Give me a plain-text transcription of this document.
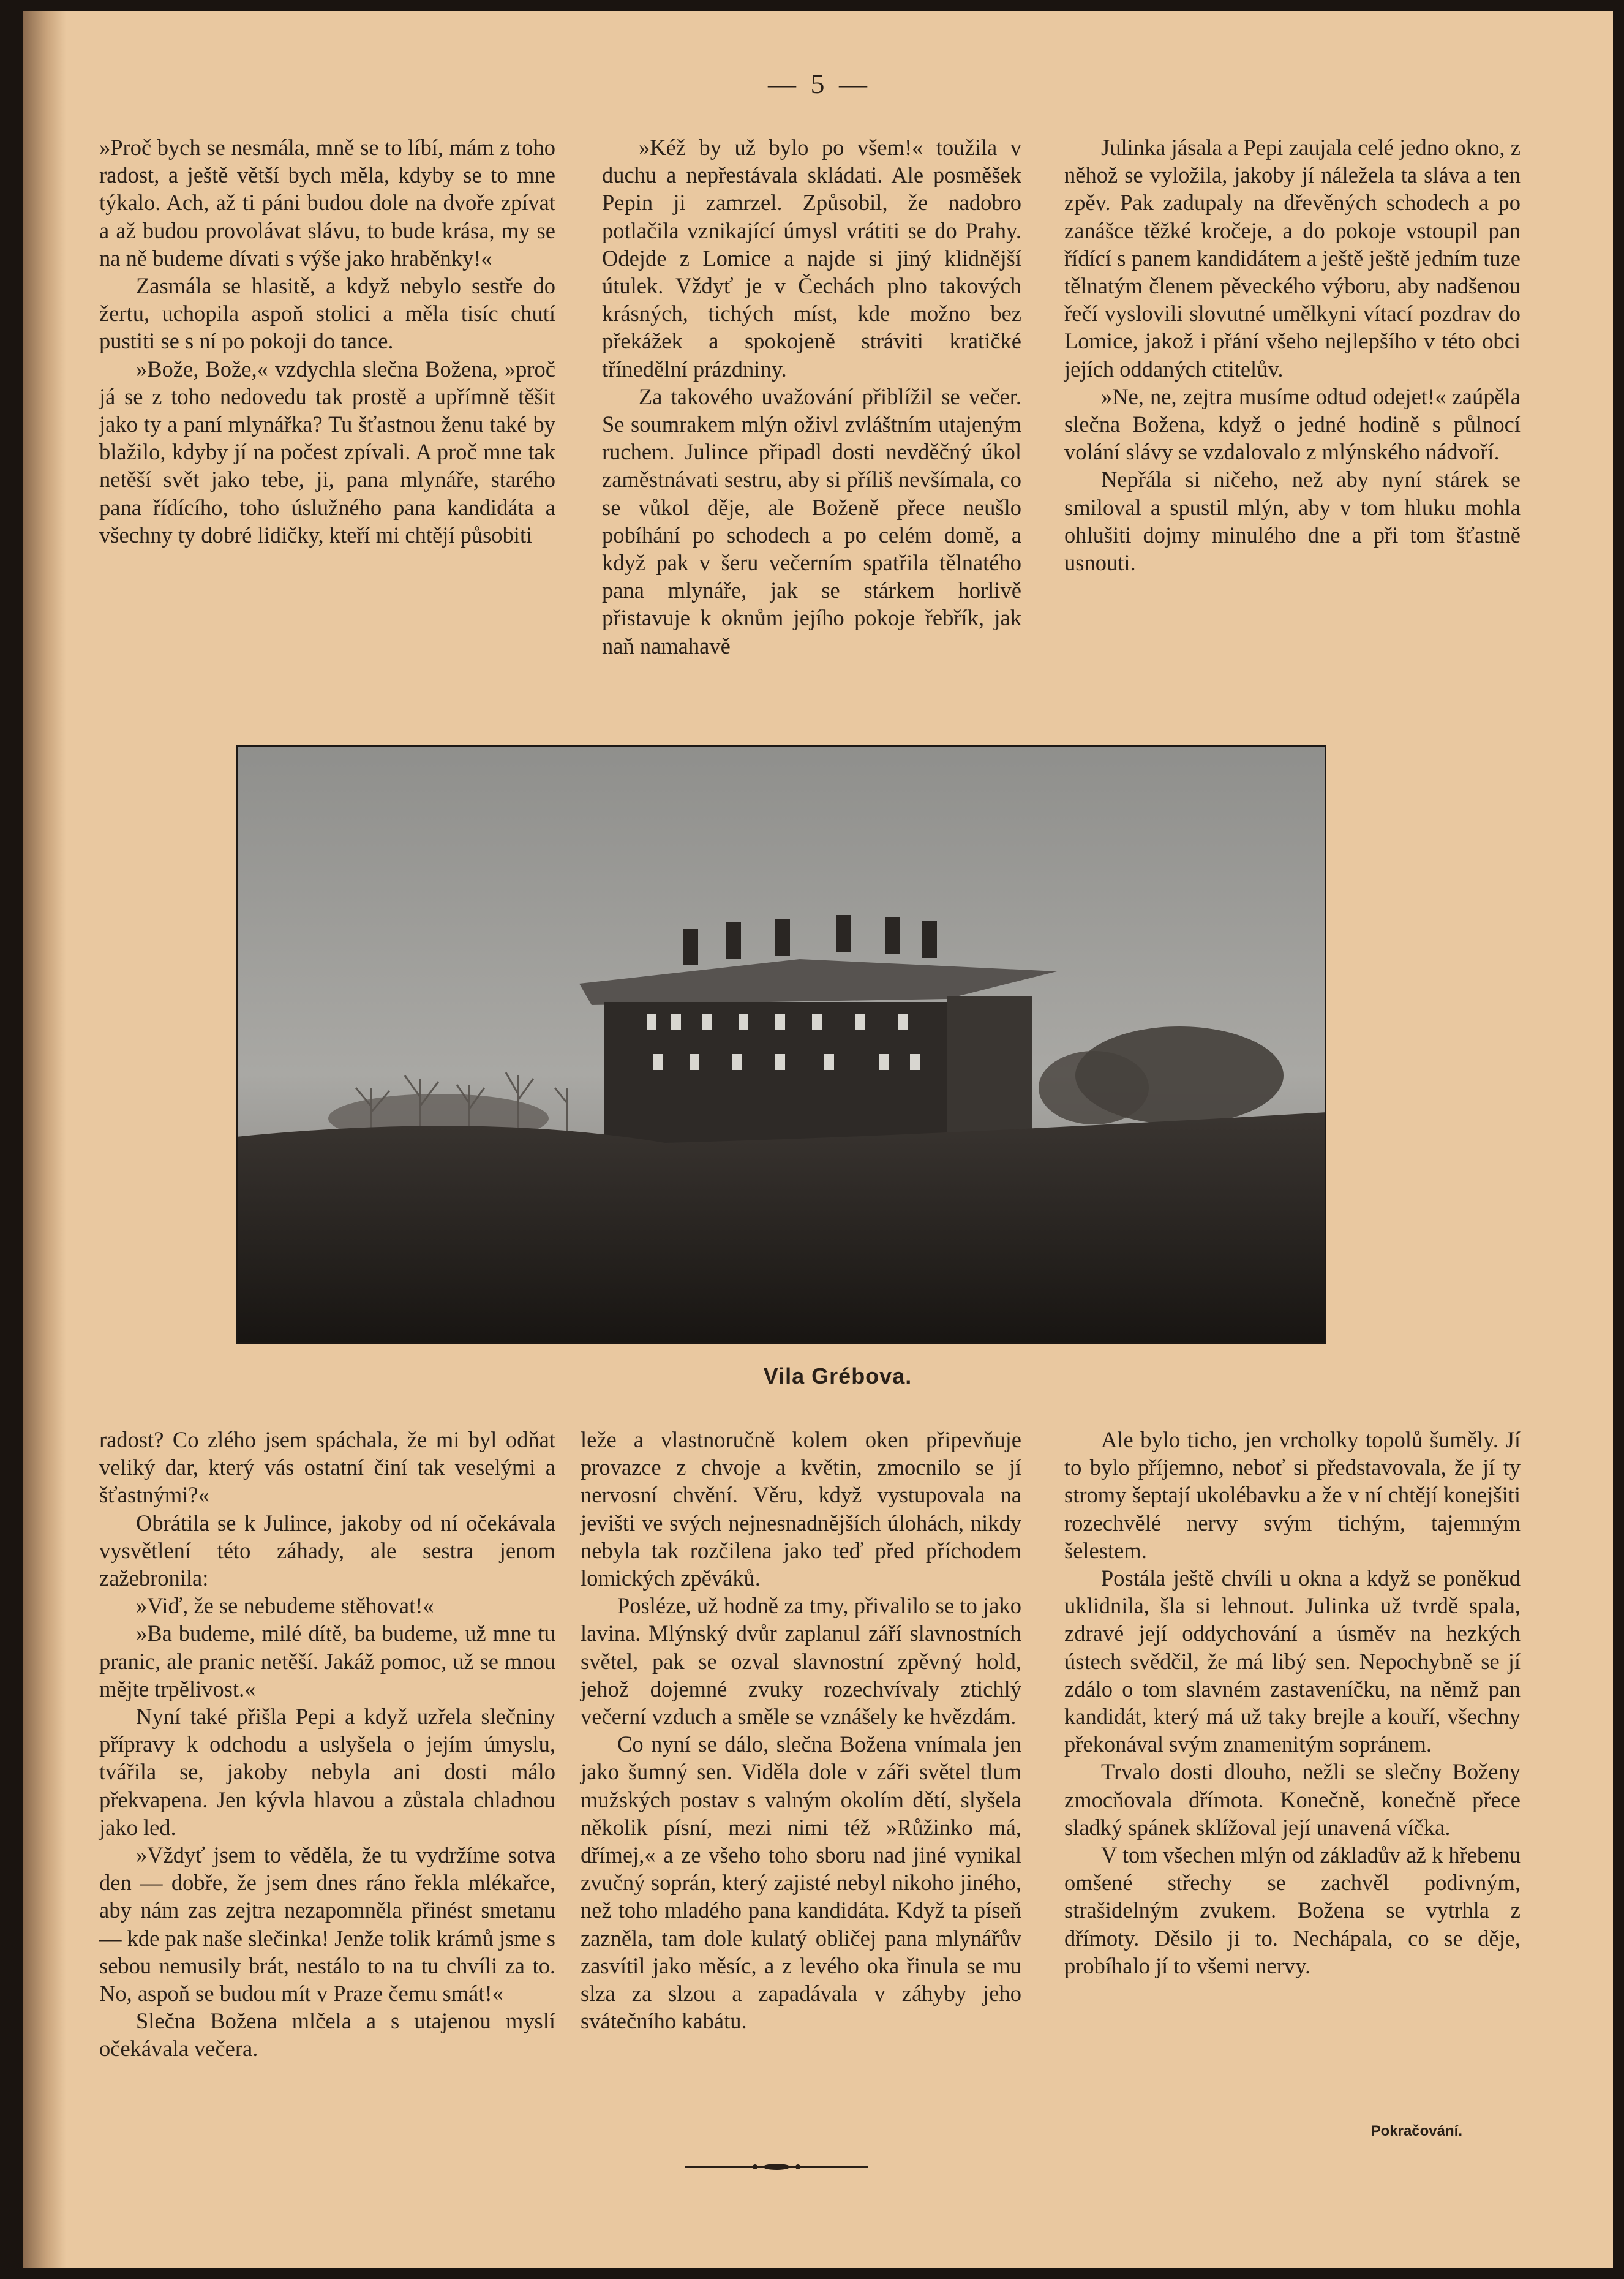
— 5 —

»Proč bych se nesmála, mně se to líbí, mám z toho radost, a ještě větší bych měla, kdyby se to mne týkalo. Ach, až ti páni budou dole na dvoře zpívat a až budou provolávat slávu, to bude krása, my se na ně budeme dívati s výše jako hraběnky!«

Zasmála se hlasitě, a když nebylo sestře do žertu, uchopila aspoň stolici a měla tisíc chutí pustiti se s ní po pokoji do tance.

»Bože, Bože,« vzdychla slečna Božena, »proč já se z toho nedovedu tak prostě a upřímně těšit jako ty a paní mlynářka? Tu šťastnou ženu také by blažilo, kdyby jí na počest zpívali. A proč mne tak netěší svět jako tebe, ji, pana mlynáře, starého pana řídícího, toho úslužného pana kandidáta a všechny ty dobré lidičky, kteří mi chtějí působiti

»Kéž by už bylo po všem!« toužila v duchu a nepřestávala skládati. Ale posměšek Pepin ji zamrzel. Způsobil, že nadobro potlačila vznikající úmysl vrátiti se do Prahy. Odejde z Lomice a najde si jiný klidnější útulek. Vždyť je v Čechách plno takových krásných, tichých míst, kde možno bez překážek a spokojeně stráviti kratičké třínedělní prázdniny.

Za takového uvažování přiblížil se večer. Se soumrakem mlýn oživl zvláštním utajeným ruchem. Julince připadl dosti nevděčný úkol zaměstnávati sestru, aby si příliš nevšímala, co se vůkol děje, ale Boženě přece neušlo pobíhání po schodech a po celém domě, a když pak v šeru večerním spatřila tělnatého pana mlynáře, jak se stárkem horlivě přistavuje k oknům jejího pokoje řebřík, jak naň namahavě

Julinka jásala a Pepi zaujala celé jedno okno, z něhož se vyložila, jakoby jí náležela ta sláva a ten zpěv. Pak zadupaly na dřevěných schodech a po zanášce těžké kročeje, a do pokoje vstoupil pan řídící s panem kandidátem a ještě ještě jedním tuze tělnatým členem pěveckého výboru, aby nadšenou řečí vyslovili slovutné umělkyni vítací pozdrav do Lomice, jakož i přání všeho nejlepšího v této obci jejích oddaných ctitelův.

»Ne, ne, zejtra musíme odtud odejet!« zaúpěla slečna Božena, když o jedné hodině s půlnocí volání slávy se vzdalovalo z mlýnského nádvoří.

Nepřála si ničeho, než aby nyní stárek se smiloval a spustil mlýn, aby v tom hluku mohla ohlušiti dojmy minulého dne a při tom šťastně usnouti.

Vila Grébova.

radost? Co zlého jsem spáchala, že mi byl odňat veliký dar, který vás ostatní činí tak veselými a šťastnými?«

Obrátila se k Julince, jakoby od ní očekávala vysvětlení této záhady, ale sestra jenom zažebronila:

»Viď, že se nebudeme stěhovat!«

»Ba budeme, milé dítě, ba budeme, už mne tu pranic, ale pranic netěší. Jakáž pomoc, už se mnou mějte trpělivost.«

Nyní také přišla Pepi a když uzřela slečniny přípravy k odchodu a uslyšela o jejím úmyslu, tvářila se, jakoby nebyla ani dosti málo překvapena. Jen kývla hlavou a zůstala chladnou jako led.

»Vždyť jsem to věděla, že tu vydržíme sotva den — dobře, že jsem dnes ráno řekla mlékařce, aby nám zas zejtra nezapomněla přinést smetanu — kde pak naše slečinka! Jenže tolik krámů jsme s sebou nemusily brát, nestálo to na tu chvíli za to. No, aspoň se budou mít v Praze čemu smát!«

Slečna Božena mlčela a s utajenou myslí očekávala večera.

leže a vlastnoručně kolem oken připevňuje provazce z chvoje a květin, zmocnilo se jí nervosní chvění. Věru, když vystupovala na jevišti ve svých nejnesnadnějších úlohách, nikdy nebyla tak rozčilena jako teď před příchodem lomických zpěváků.

Posléze, už hodně za tmy, přivalilo se to jako lavina. Mlýnský dvůr zaplanul září slavnostních světel, pak se ozval slavnostní zpěvný hold, jehož dojemné zvuky rozechvívaly ztichlý večerní vzduch a směle se vznášely ke hvězdám.

Co nyní se dálo, slečna Božena vnímala jen jako šumný sen. Viděla dole v záři světel tlum mužských postav s valným okolím dětí, slyšela několik písní, mezi nimi též »Růžinko má, dřímej,« a ze všeho toho sboru nad jiné vynikal zvučný soprán, který zajisté nebyl nikoho jiného, než toho mladého pana kandidáta. Když ta píseň zazněla, tam dole kulatý obličej pana mlynářův zasvítil jako měsíc, a z levého oka řinula se mu slza za slzou a zapadávala v záhyby jeho svátečního kabátu.

Ale bylo ticho, jen vrcholky topolů šuměly. Jí to bylo příjemno, neboť si představovala, že jí ty stromy šeptají ukolébavku a že v ní chtějí konejšiti rozechvělé nervy svým tichým, tajemným šelestem.

Postála ještě chvíli u okna a když se poněkud uklidnila, šla si lehnout. Julinka už tvrdě spala, zdravé její oddychování a úsměv na hezkých ústech svědčil, že má libý sen. Nepochybně se jí zdálo o tom slavném zastaveníčku, na němž pan kandidát, který má už taky brejle a kouří, všechny překonával svým znamenitým sopránem.

Trvalo dosti dlouho, nežli se slečny Boženy zmocňovala dřímota. Konečně, konečně přece sladký spánek sklížoval její unavená víčka.

V tom všechen mlýn od základův až k hřebenu omšené střechy se zachvěl podivným, strašidelným zvukem. Božena se vytrhla z dřímoty. Děsilo ji to. Nechápala, co se děje, probíhalo jí to všemi nervy.

Pokračování.
